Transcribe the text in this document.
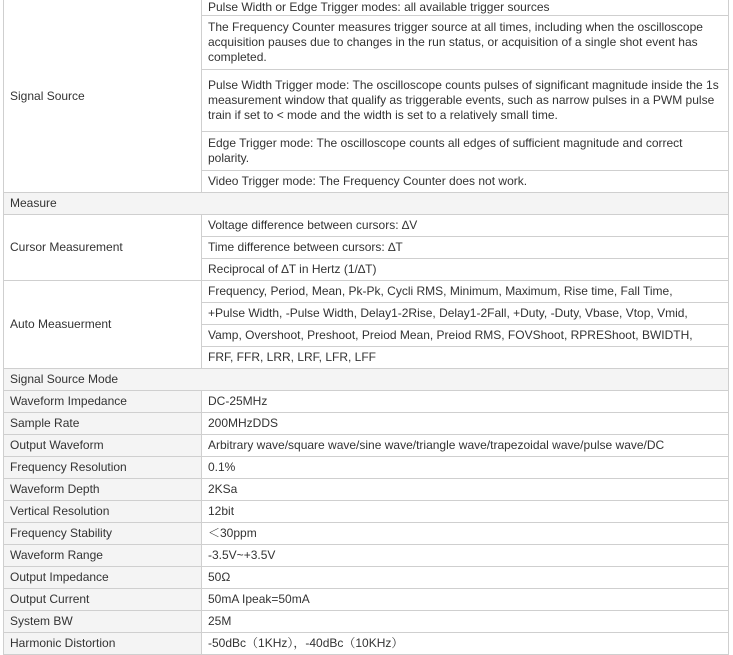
Signal Source	Pulse Width or Edge Trigger modes: all available trigger sources
	The Frequency Counter measures trigger source at all times, including when the oscilloscope acquisition pauses due to changes in the run status, or acquisition of a single shot event has completed.
	Pulse Width Trigger mode: The oscilloscope counts pulses of significant magnitude inside the 1s measurement window that qualify as triggerable events, such as narrow pulses in a PWM pulse train if set to < mode and the width is set to a relatively small time.
	Edge Trigger mode: The oscilloscope counts all edges of sufficient magnitude and correct polarity.
	Video Trigger mode: The Frequency Counter does not work.
Measure	
Cursor Measurement	Voltage difference between cursors: ∆V
	Time difference between cursors: ∆T
	Reciprocal of ∆T in Hertz (1/∆T)
Auto Measuerment	Frequency, Period, Mean, Pk-Pk, Cycli RMS, Minimum, Maximum, Rise time, Fall Time,
	+Pulse Width, -Pulse Width, Delay1-2Rise, Delay1-2Fall, +Duty, -Duty, Vbase, Vtop, Vmid,
	Vamp, Overshoot, Preshoot, Preiod Mean, Preiod RMS, FOVShoot, RPREShoot, BWIDTH,
	FRF, FFR, LRR, LRF, LFR, LFF
Signal Source Mode	
Waveform Impedance	DC-25MHz
Sample Rate	200MHzDDS
Output Waveform	Arbitrary wave/square wave/sine wave/triangle wave/trapezoidal wave/pulse wave/DC
Frequency Resolution	0.1%
Waveform Depth	2KSa
Vertical Resolution	12bit
Frequency Stability	＜30ppm
Waveform Range	-3.5V~+3.5V
Output Impedance	50Ω
Output Current	50mA Ipeak=50mA
System BW	25M
Harmonic Distortion	-50dBc（1KHz），-40dBc（10KHz）
